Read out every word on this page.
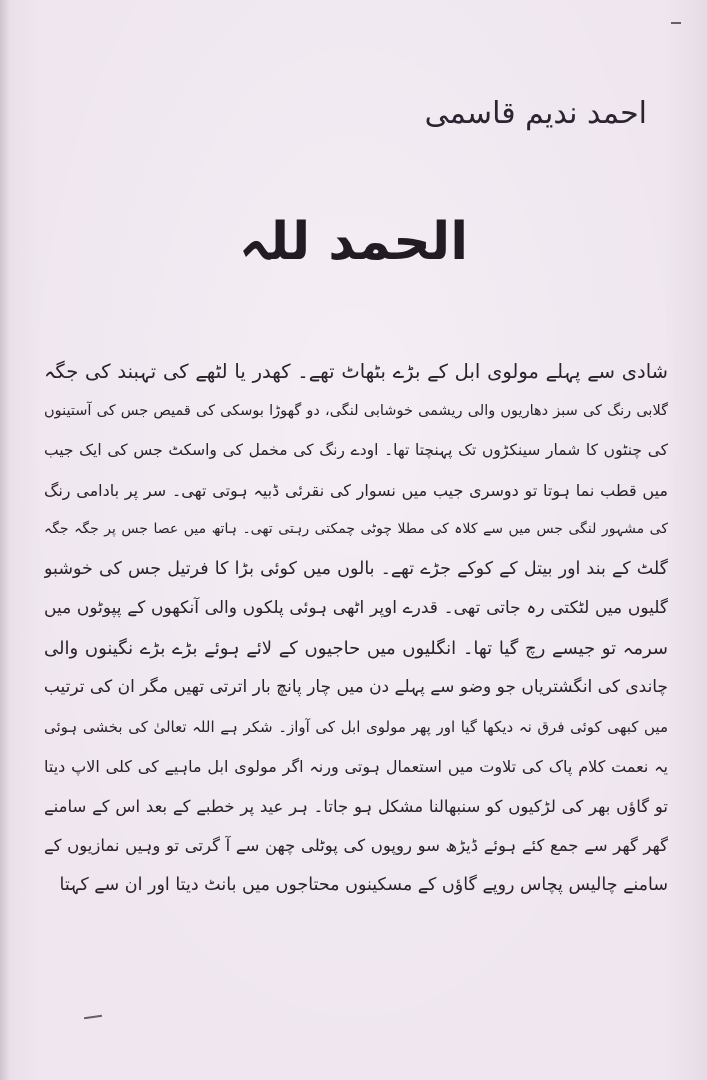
احمد ندیم قاسمی
الحمد للہ
شادی سے پہلے مولوی ابل کے بڑے بٹھاٹ تھے۔ کھدر یا لٹھے کی تہبند کی جگہ
گلابی رنگ کی سبز دھاریوں والی ریشمی خوشابی لنگی، دو گھوڑا بوسکی کی قمیص جس کی آستینوں
کی چنٹوں کا شمار سینکڑوں تک پہنچتا تھا۔ اودے رنگ کی مخمل کی واسکٹ جس کی ایک جیب
میں قطب نما ہوتا تو دوسری جیب میں نسوار کی نقرئی ڈبیہ ہوتی تھی۔ سر پر بادامی رنگ
کی مشہور لنگی جس میں سے کلاہ کی مطلا چوٹی چمکتی رہتی تھی۔ ہاتھ میں عصا جس پر جگہ جگہ
گلٹ کے بند اور بیتل کے کوکے جڑے تھے۔ بالوں میں کوئی بڑا کا فرتیل جس کی خوشبو
گلیوں میں لٹکتی رہ جاتی تھی۔ قدرے اوپر اٹھی ہوئی پلکوں والی آنکھوں کے پپوٹوں میں
سرمہ تو جیسے رچ گیا تھا۔ انگلیوں میں حاجیوں کے لائے ہوئے بڑے بڑے نگینوں والی
چاندی کی انگشتریاں جو وضو سے پہلے دن میں چار پانچ بار اترتی تھیں مگر ان کی ترتیب
میں کبھی کوئی فرق نہ دیکھا گیا اور پھر مولوی ابل کی آواز۔ شکر ہے اللہ تعالیٰ کی بخشی ہوئی
یہ نعمت کلام پاک کی تلاوت میں استعمال ہوتی ورنہ اگر مولوی ابل ماہیے کی کلی الاپ دیتا
تو گاؤں بھر کی لڑکیوں کو سنبھالنا مشکل ہو جاتا۔ ہر عید پر خطبے کے بعد اس کے سامنے
گھر گھر سے جمع کئے ہوئے ڈیڑھ سو روپوں کی پوٹلی چھن سے آ گرتی تو وہیں نمازیوں کے
سامنے چالیس پچاس روپے گاؤں کے مسکینوں محتاجوں میں بانٹ دیتا اور ان سے کہتا
